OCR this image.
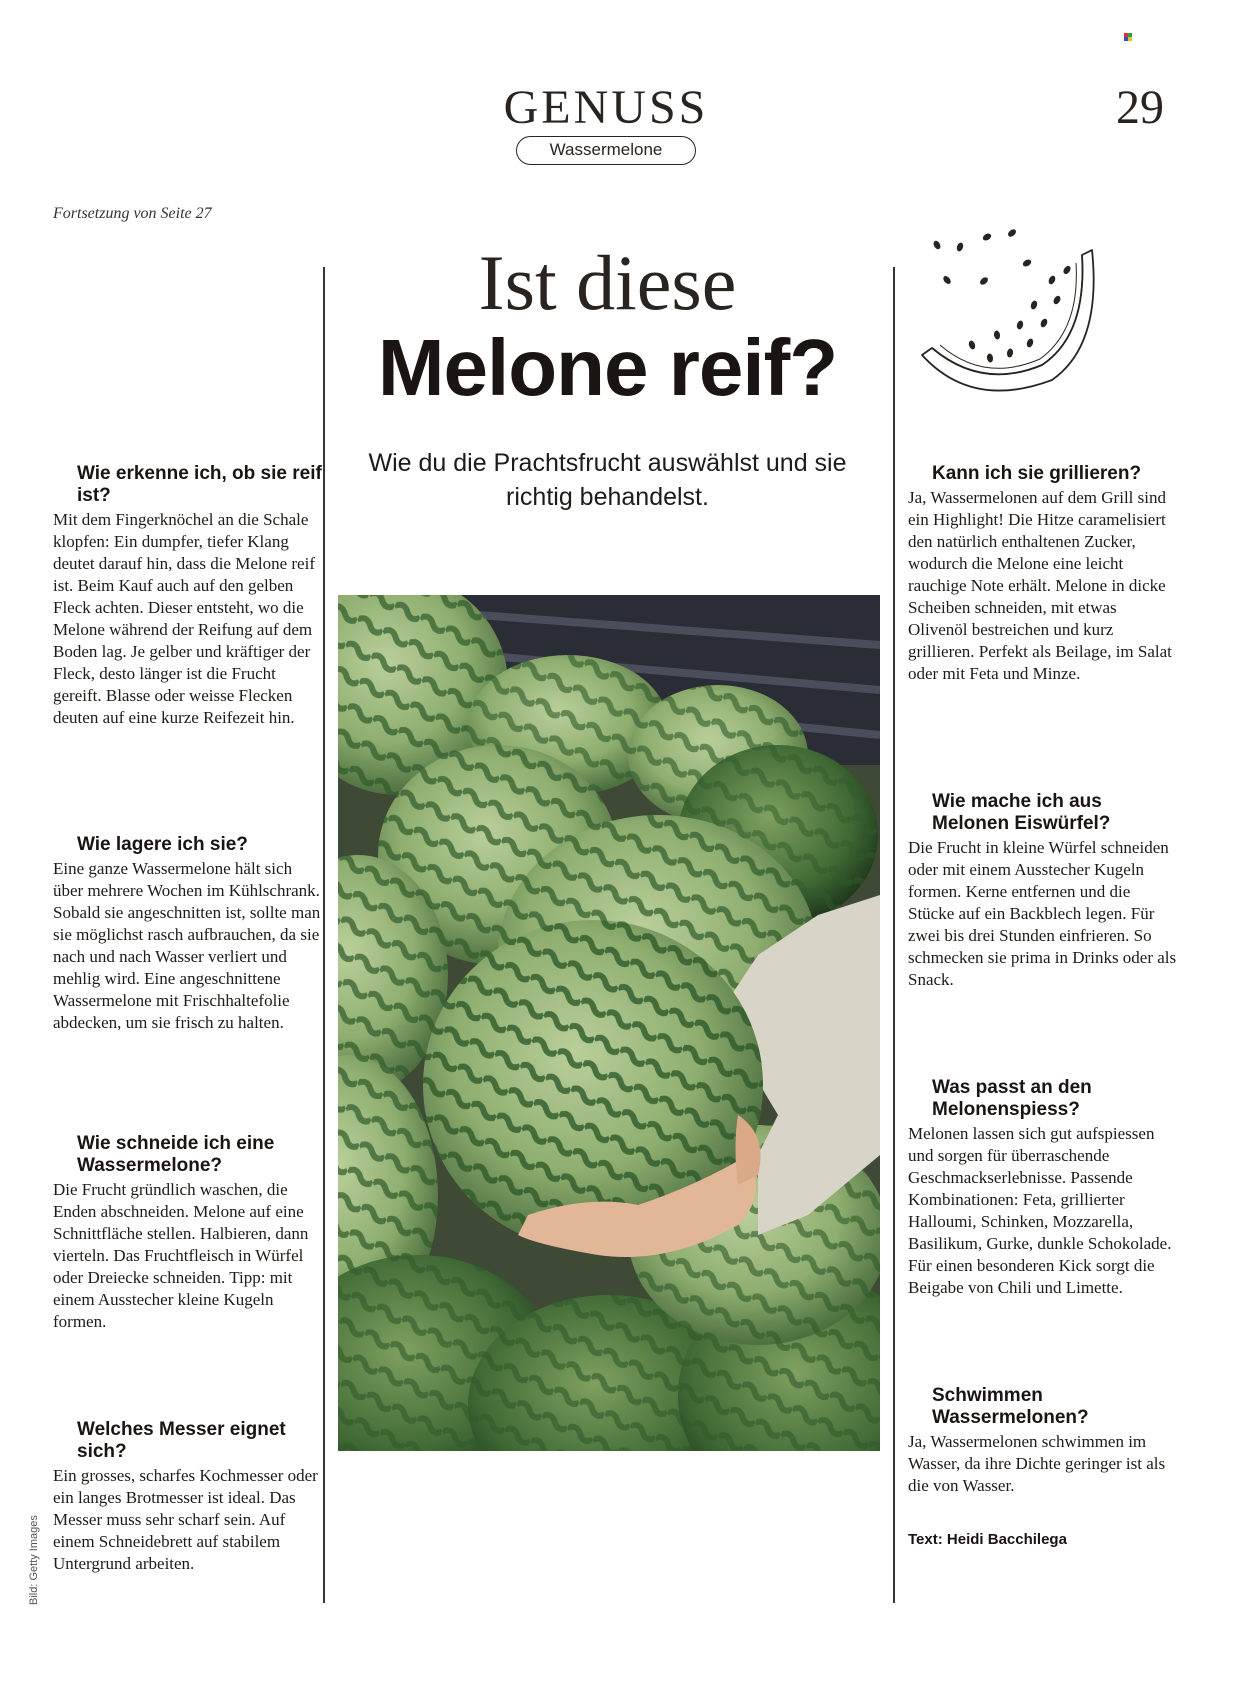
GENUSS
Wassermelone
29
Fortsetzung von Seite 27
Ist diese
Melone reif?
Wie du die Prachtsfrucht auswählst und sie richtig behandelst.
Wie erkenne ich, ob sie reif ist?

Mit dem Fingerknöchel an die Schale klopfen: Ein dumpfer, tiefer Klang deutet darauf hin, dass die Melone reif ist. Beim Kauf auch auf den gelben Fleck achten. Dieser entsteht, wo die Melone während der Reifung auf dem Boden lag. Je gelber und kräftiger der Fleck, desto länger ist die Frucht gereift. Blasse oder weisse Flecken deuten auf eine kurze Reifezeit hin.

Wie lagere ich sie?

Eine ganze Wassermelone hält sich über mehrere Wochen im Kühlschrank. Sobald sie angeschnitten ist, sollte man sie möglichst rasch aufbrauchen, da sie nach und nach Wasser verliert und mehlig wird. Eine angeschnittene Wassermelone mit Frischhaltefolie abdecken, um sie frisch zu halten.

Wie schneide ich eine Wassermelone?

Die Frucht gründlich waschen, die Enden abschneiden. Melone auf eine Schnittfläche stellen. Halbieren, dann vierteln. Das Fruchtfleisch in Würfel oder Dreiecke schneiden. Tipp: mit einem Ausstecher kleine Kugeln formen.

Welches Messer eignet sich?

Ein grosses, scharfes Kochmesser oder ein langes Brotmesser ist ideal. Das Messer muss sehr scharf sein. Auf einem Schneidebrett auf stabilem Untergrund arbeiten.

Kann ich sie grillieren?

Ja, Wassermelonen auf dem Grill sind ein Highlight! Die Hitze caramelisiert den natürlich enthaltenen Zucker, wodurch die Melone eine leicht rauchige Note erhält. Melone in dicke Scheiben schneiden, mit etwas Olivenöl bestreichen und kurz grillieren. Perfekt als Beilage, im Salat oder mit Feta und Minze.

Wie mache ich aus Melonen Eiswürfel?

Die Frucht in kleine Würfel schneiden oder mit einem Ausstecher Kugeln formen. Kerne entfernen und die Stücke auf ein Backblech legen. Für zwei bis drei Stunden einfrieren. So schmecken sie prima in Drinks oder als Snack.

Was passt an den Melonenspiess?

Melonen lassen sich gut aufspiessen und sorgen für überraschende Geschmackserlebnisse. Passende Kombinationen: Feta, grillierter Halloumi, Schinken, Mozzarella, Basilikum, Gurke, dunkle Schokolade. Für einen besonderen Kick sorgt die Beigabe von Chili und Limette.

Schwimmen Wassermelonen?

Ja, Wassermelonen schwimmen im Wasser, da ihre Dichte geringer ist als die von Wasser.

Text: Heidi Bacchilega
Bild: Getty Images
